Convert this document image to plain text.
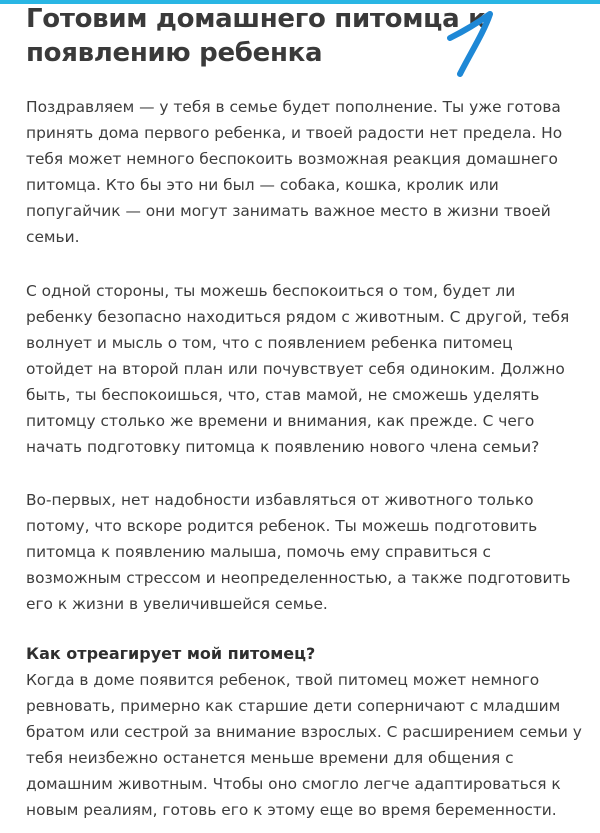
Готовим домашнего питомца к появлению ребенка

Поздравляем — у тебя в семье будет пополнение. Ты уже готова принять дома первого ребенка, и твоей радости нет предела. Но тебя может немного беспокоить возможная реакция домашнего питомца. Кто бы это ни был — собака, кошка, кролик или попугайчик — они могут занимать важное место в жизни твоей семьи.

С одной стороны, ты можешь беспокоиться о том, будет ли ребенку безопасно находиться рядом с животным. С другой, тебя волнует и мысль о том, что с появлением ребенка питомец отойдет на второй план или почувствует себя одиноким. Должно быть, ты беспокоишься, что, став мамой, не сможешь уделять питомцу столько же времени и внимания, как прежде. С чего начать подготовку питомца к появлению нового члена семьи?

Во-первых, нет надобности избавляться от животного только потому, что вскоре родится ребенок. Ты можешь подготовить питомца к появлению малыша, помочь ему справиться с возможным стрессом и неопределенностью, а также подготовить его к жизни в увеличившейся семье.

Как отреагирует мой питомец?

Когда в доме появится ребенок, твой питомец может немного ревновать, примерно как старшие дети соперничают с младшим братом или сестрой за внимание взрослых. С расширением семьи у тебя неизбежно останется меньше времени для общения с домашним животным. Чтобы оно смогло легче адаптироваться к новым реалиям, готовь его к этому еще во время беременности.
